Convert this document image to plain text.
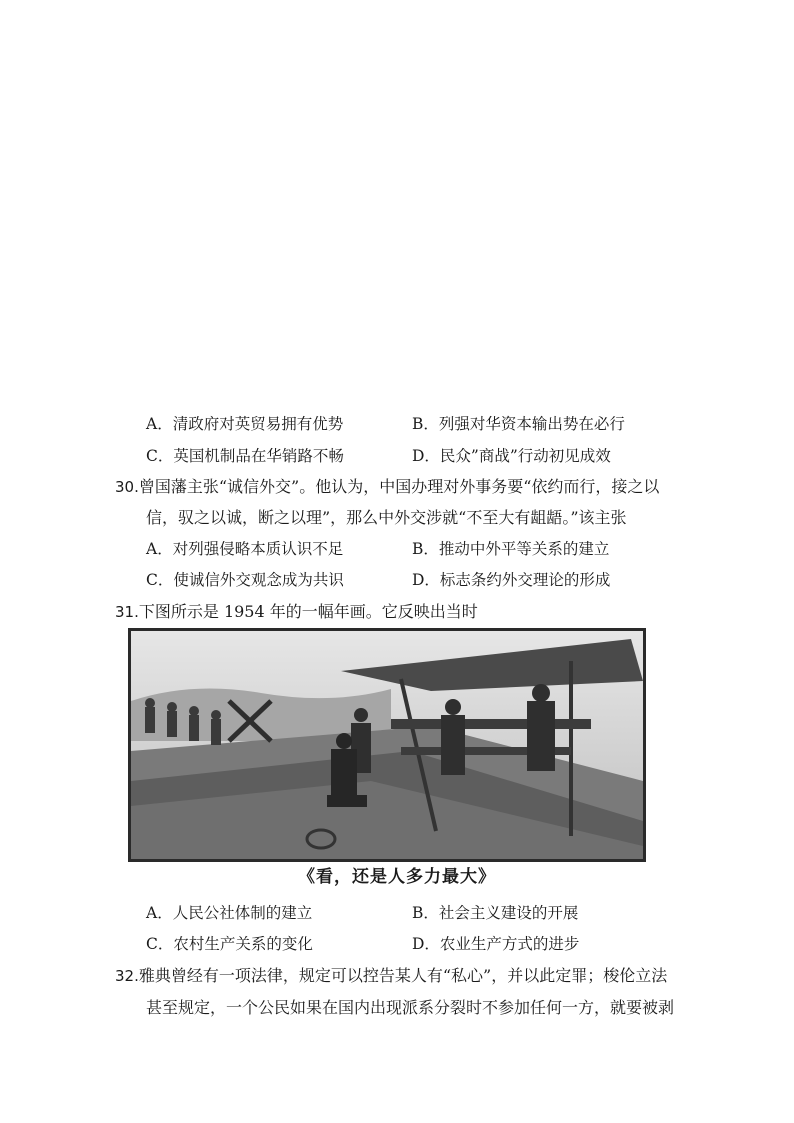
A．清政府对英贸易拥有优势	B．列强对华资本输出势在必行
C．英国机制品在华销路不畅	D．民众”商战”行动初见成效
30.曾国藩主张“诚信外交”。他认为，中国办理对外事务要“依约而行，接之以
信，驭之以诚，断之以理”，那么中外交涉就“不至大有龃龉。”该主张
A．对列强侵略本质认识不足	B．推动中外平等关系的建立
C．使诚信外交观念成为共识	D．标志条约外交理论的形成
31.下图所示是 1954 年的一幅年画。它反映出当时
《看，还是人多力最大》
A．人民公社体制的建立	B．社会主义建设的开展
C．农村生产关系的变化	D．农业生产方式的进步
32.雅典曾经有一项法律，规定可以控告某人有“私心”，并以此定罪；梭伦立法
甚至规定，一个公民如果在国内出现派系分裂时不参加任何一方，就要被剥
